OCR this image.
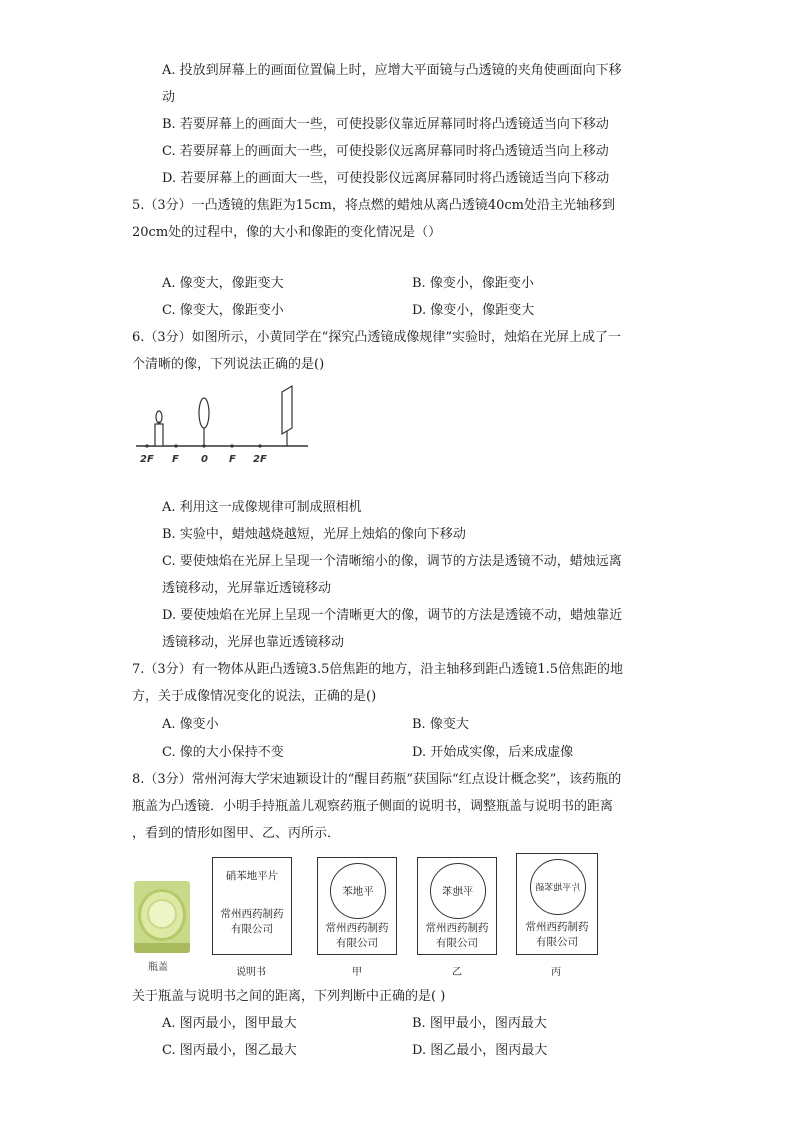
A. 投放到屏幕上的画面位置偏上时，应增大平面镜与凸透镜的夹角使画面向下移
动
B. 若要屏幕上的画面大一些，可使投影仪靠近屏幕同时将凸透镜适当向下移动
C. 若要屏幕上的画面大一些，可使投影仪远离屏幕同时将凸透镜适当向上移动
D. 若要屏幕上的画面大一些，可使投影仪远离屏幕同时将凸透镜适当向下移动
5.（3分）一凸透镜的焦距为15cm，将点燃的蜡烛从离凸透镜40cm处沿主光轴移到
20cm处的过程中，像的大小和像距的变化情况是（）
A. 像变大，像距变大	B. 像变小，像距变小
C. 像变大，像距变小	D. 像变小，像距变大
6.（3分）如图所示，小黄同学在“探究凸透镜成像规律”实验时，烛焰在光屏上成了一
个清晰的像，下列说法正确的是()
2F F 0 F 2F
A. 利用这一成像规律可制成照相机
B. 实验中，蜡烛越烧越短，光屏上烛焰的像向下移动
C. 要使烛焰在光屏上呈现一个清晰缩小的像，调节的方法是透镜不动，蜡烛远离
透镜移动，光屏靠近透镜移动
D. 要使烛焰在光屏上呈现一个清晰更大的像，调节的方法是透镜不动，蜡烛靠近
透镜移动，光屏也靠近透镜移动
7.（3分）有一物体从距凸透镜3.5倍焦距的地方，沿主轴移到距凸透镜1.5倍焦距的地
方，关于成像情况变化的说法，正确的是()
A. 像变小	B. 像变大
C. 像的大小保持不变	D. 开始成实像，后来成虚像
8.（3分）常州河海大学宋迪颖设计的“醒目药瓶”获国际“红点设计概念奖”，该药瓶的
瓶盖为凸透镜．小明手持瓶盖儿观察药瓶子侧面的说明书，调整瓶盖与说明书的距离
，看到的情形如图甲、乙、丙所示．
瓶盖
硝苯地平片
常州西药制药
有限公司
说明书
苯地平
常州西药制药
有限公司
甲
平地苯
常州西药制药
有限公司
乙
片平地苯硝
常州西药制药
有限公司
丙
关于瓶盖与说明书之间的距离，下列判断中正确的是( )
A. 图丙最小，图甲最大	B. 图甲最小，图丙最大
C. 图丙最小，图乙最大	D. 图乙最小，图丙最大
